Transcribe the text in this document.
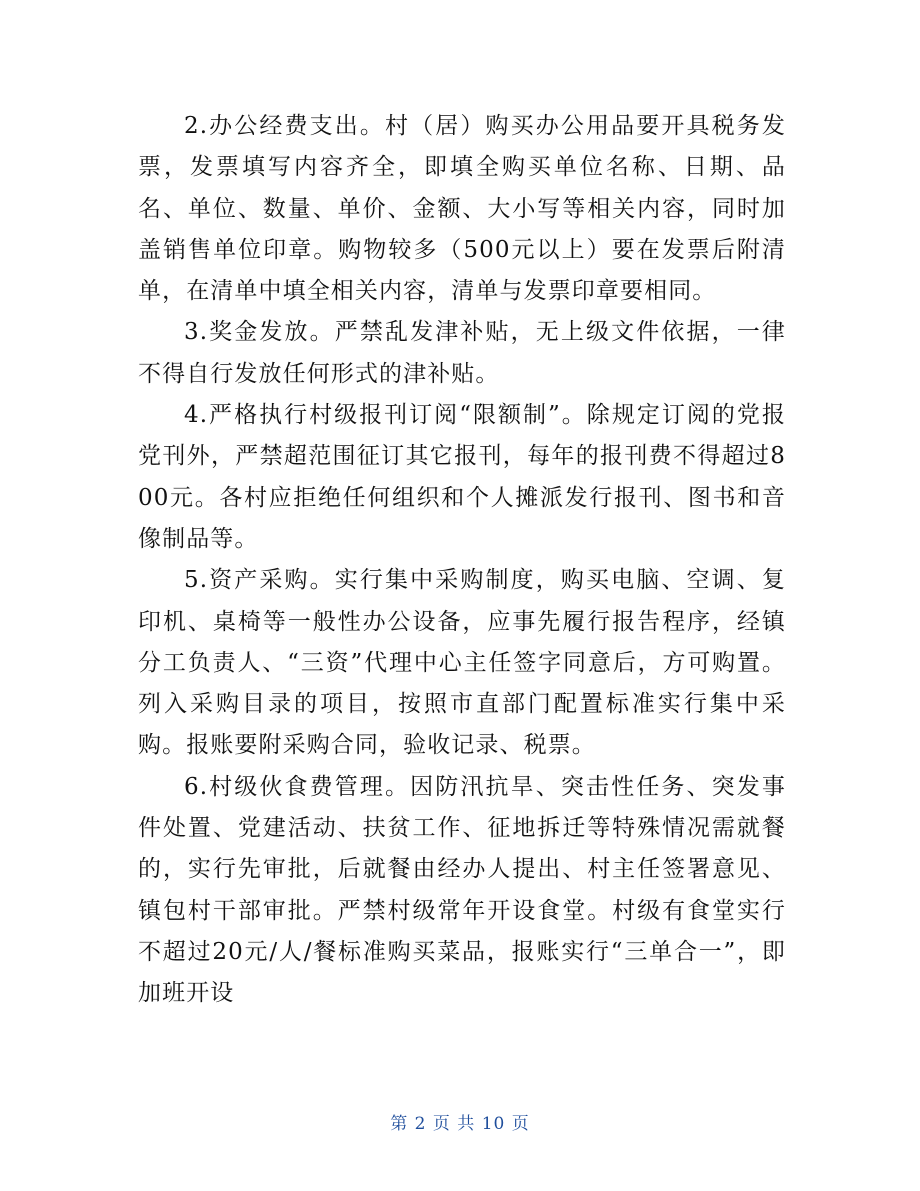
2.办公经费支出。村（居）购买办公用品要开具税务发票，发票填写内容齐全，即填全购买单位名称、日期、品名、单位、数量、单价、金额、大小写等相关内容，同时加盖销售单位印章。购物较多（500元以上）要在发票后附清单，在清单中填全相关内容，清单与发票印章要相同。

3.奖金发放。严禁乱发津补贴，无上级文件依据，一律不得自行发放任何形式的津补贴。

4.严格执行村级报刊订阅“限额制”。除规定订阅的党报党刊外，严禁超范围征订其它报刊，每年的报刊费不得超过800元。各村应拒绝任何组织和个人摊派发行报刊、图书和音像制品等。

5.资产采购。实行集中采购制度，购买电脑、空调、复印机、桌椅等一般性办公设备，应事先履行报告程序，经镇分工负责人、“三资”代理中心主任签字同意后，方可购置。列入采购目录的项目，按照市直部门配置标准实行集中采购。报账要附采购合同，验收记录、税票。

6.村级伙食费管理。因防汛抗旱、突击性任务、突发事件处置、党建活动、扶贫工作、征地拆迁等特殊情况需就餐的，实行先审批，后就餐由经办人提出、村主任签署意见、镇包村干部审批。严禁村级常年开设食堂。村级有食堂实行不超过20元/人/餐标准购买菜品，报账实行“三单合一”，即加班开设

第 2 页 共 10 页
